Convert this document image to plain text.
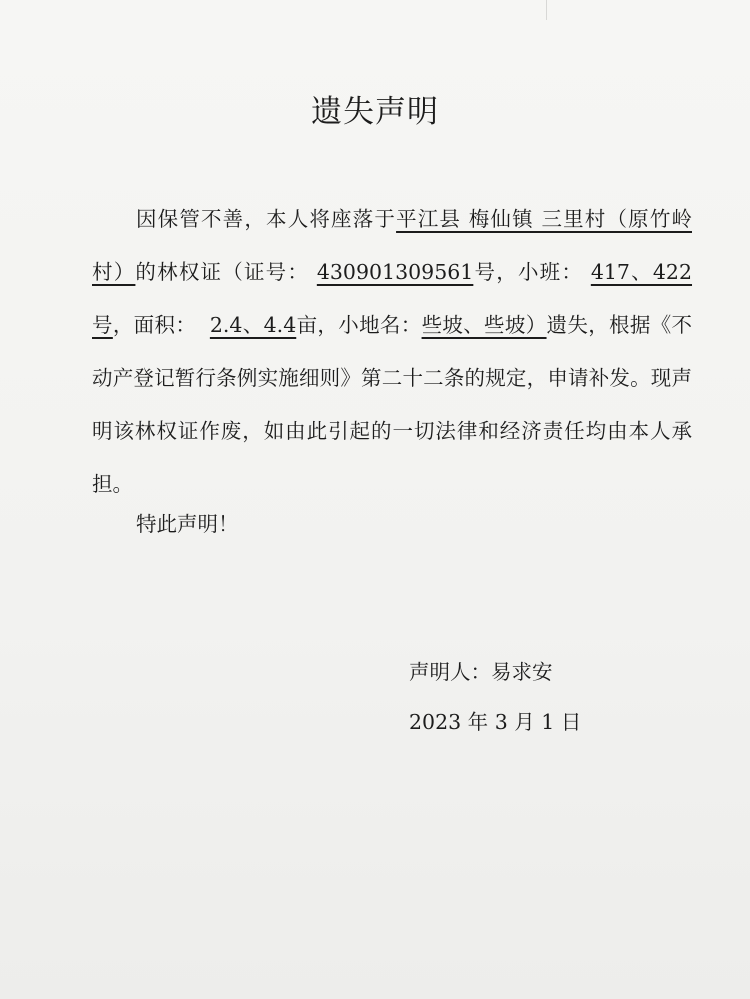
遗失声明

因保管不善，本人将座落于平江县 梅仙镇 三里村（原竹岭村）的林权证（证号： 430901309561号，小班： 417、422号，面积： 2.4、4.4亩，小地名：些坡、些坡）遗失，根据《不动产登记暂行条例实施细则》第二十二条的规定，申请补发。现声明该林权证作废，如由此引起的一切法律和经济责任均由本人承担。

特此声明！
声明人：易求安
2023 年 3 月 1 日
